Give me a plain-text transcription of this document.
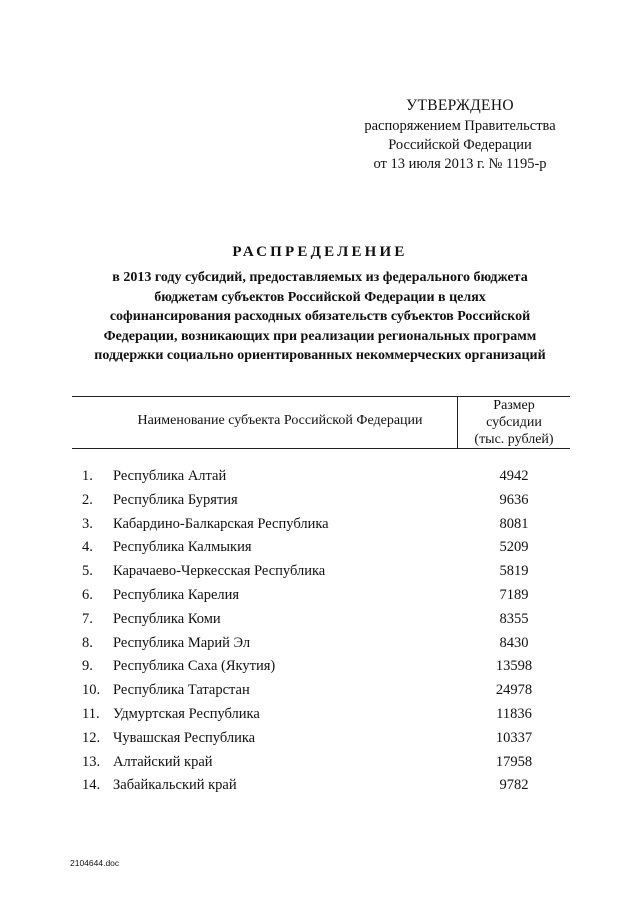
УТВЕРЖДЕНО
распоряжением Правительства
Российской Федерации
от 13 июля 2013 г. № 1195-р
РАСПРЕДЕЛЕНИЕ
в 2013 году субсидий, предоставляемых из федерального бюджета
бюджетам субъектов Российской Федерации в целях
софинансирования расходных обязательств субъектов Российской
Федерации, возникающих при реализации региональных программ
поддержки социально ориентированных некоммерческих организаций
Наименование субъекта Российской Федерации
Размер
субсидии
(тыс. рублей)
1. Республика Алтай	4942
2. Республика Бурятия	9636
3. Кабардино-Балкарская Республика	8081
4. Республика Калмыкия	5209
5. Карачаево-Черкесская Республика	5819
6. Республика Карелия	7189
7. Республика Коми	8355
8. Республика Марий Эл	8430
9. Республика Саха (Якутия)	13598
10. Республика Татарстан	24978
11. Удмуртская Республика	11836
12. Чувашская Республика	10337
13. Алтайский край	17958
14. Забайкальский край	9782
2104644.doc
